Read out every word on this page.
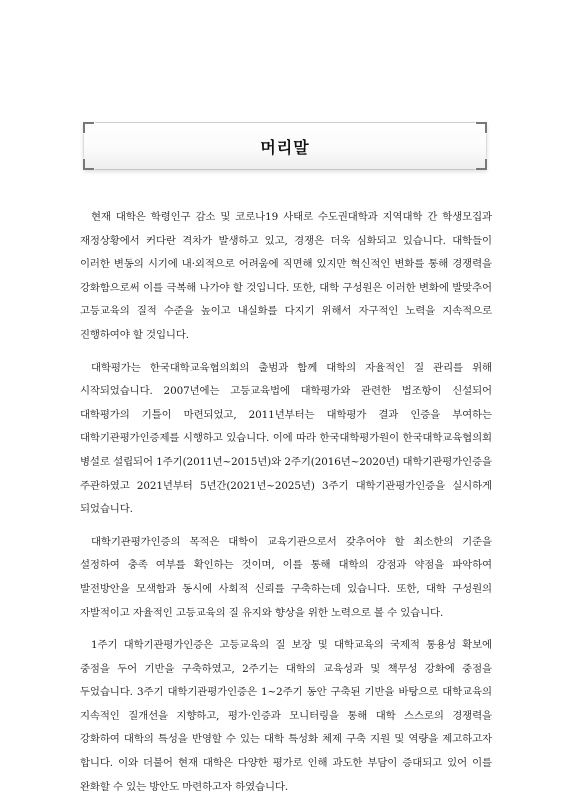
머리말

현재 대학은 학령인구 감소 및 코로나19 사태로 수도권대학과 지역대학 간 학생모집과 재정상황에서 커다란 격차가 발생하고 있고, 경쟁은 더욱 심화되고 있습니다. 대학들이 이러한 변동의 시기에 내·외적으로 어려움에 직면해 있지만 혁신적인 변화를 통해 경쟁력을 강화함으로써 이를 극복해 나가야 할 것입니다. 또한, 대학 구성원은 이러한 변화에 발맞추어 고등교육의 질적 수준을 높이고 내실화를 다지기 위해서 자구적인 노력을 지속적으로 진행하여야 할 것입니다.

대학평가는 한국대학교육협의회의 출범과 함께 대학의 자율적인 질 관리를 위해 시작되었습니다. 2007년에는 고등교육법에 대학평가와 관련한 법조항이 신설되어 대학평가의 기틀이 마련되었고, 2011년부터는 대학평가 결과 인증을 부여하는 대학기관평가인증제를 시행하고 있습니다. 이에 따라 한국대학평가원이 한국대학교육협의회 병설로 설립되어 1주기(2011년~2015년)와 2주기(2016년~2020년) 대학기관평가인증을 주관하였고 2021년부터 5년간(2021년~2025년) 3주기 대학기관평가인증을 실시하게 되었습니다.

대학기관평가인증의 목적은 대학이 교육기관으로서 갖추어야 할 최소한의 기준을 설정하여 충족 여부를 확인하는 것이며, 이를 통해 대학의 강점과 약점을 파악하여 발전방안을 모색함과 동시에 사회적 신뢰를 구축하는데 있습니다. 또한, 대학 구성원의 자발적이고 자율적인 고등교육의 질 유지와 향상을 위한 노력으로 볼 수 있습니다.

1주기 대학기관평가인증은 고등교육의 질 보장 및 대학교육의 국제적 통용성 확보에 중점을 두어 기반을 구축하였고, 2주기는 대학의 교육성과 및 책무성 강화에 중점을 두었습니다. 3주기 대학기관평가인증은 1~2주기 동안 구축된 기반을 바탕으로 대학교육의 지속적인 질개선을 지향하고, 평가·인증과 모니터링을 통해 대학 스스로의 경쟁력을 강화하여 대학의 특성을 반영할 수 있는 대학 특성화 체제 구축 지원 및 역량을 제고하고자 합니다. 이와 더불어 현재 대학은 다양한 평가로 인해 과도한 부담이 증대되고 있어 이를 완화할 수 있는 방안도 마련하고자 하였습니다.
